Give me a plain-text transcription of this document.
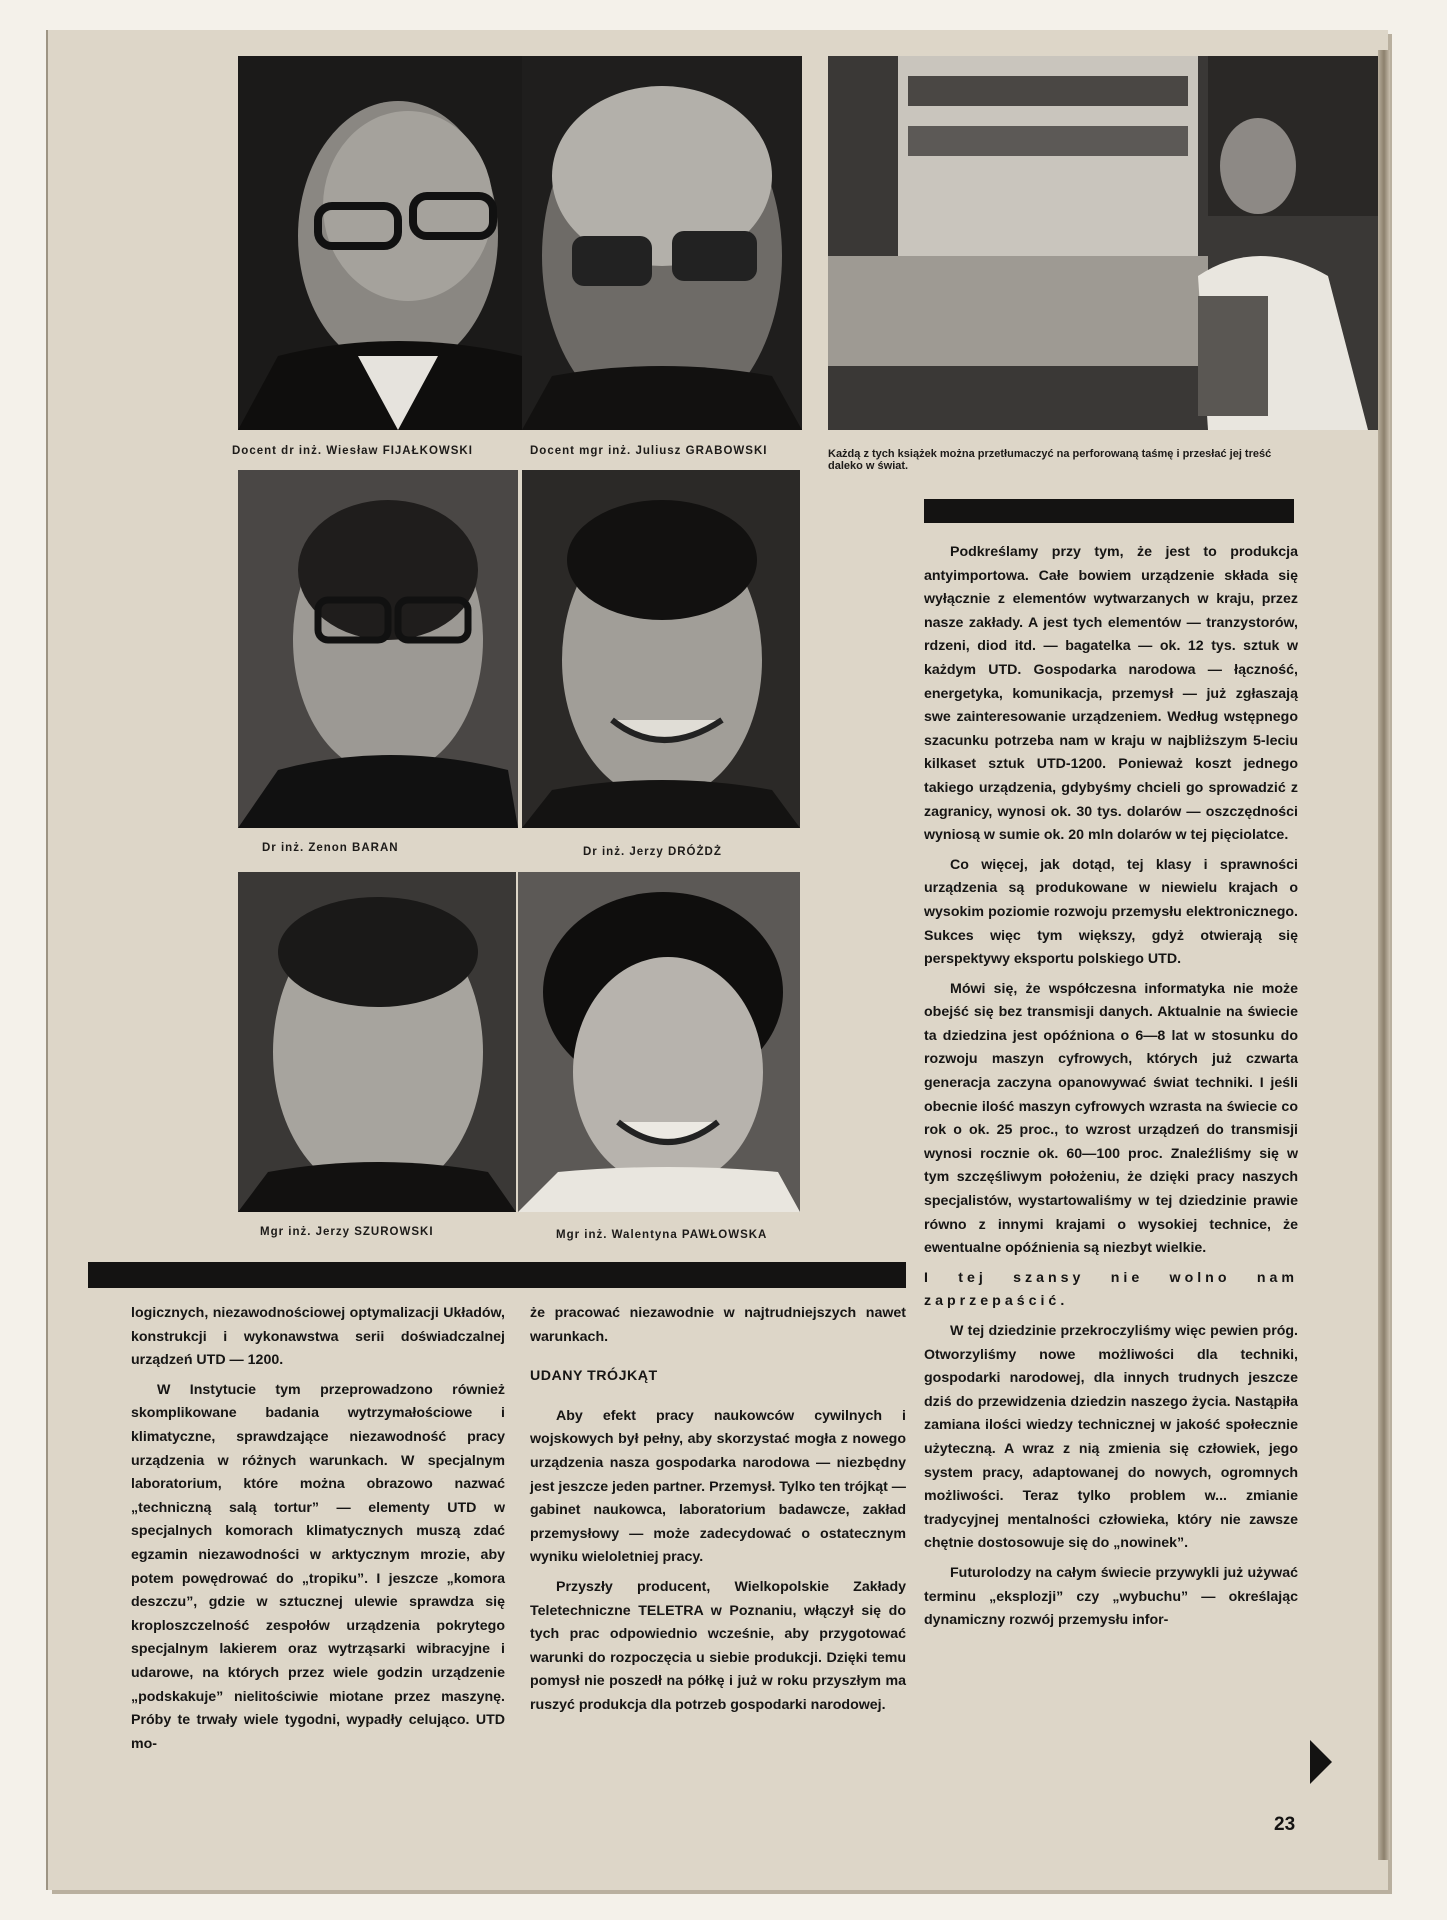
Docent dr inż. Wiesław FIJAŁKOWSKI	Docent mgr inż. Juliusz GRABOWSKI	Każdą z tych książek można przetłumaczyć na perforowaną taśmę i przesłać jej treść daleko w świat.
Dr inż. Zenon BARAN	Dr inż. Jerzy DRÓŻDŻ
Mgr inż. Jerzy SZUROWSKI	Mgr inż. Walentyna PAWŁOWSKA

Podkreślamy przy tym, że jest to produkcja antyimportowa. Całe bowiem urządzenie składa się wyłącznie z elementów wytwarzanych w kraju, przez nasze zakłady. A jest tych elementów — tranzystorów, rdzeni, diod itd. — bagatelka — ok. 12 tys. sztuk w każdym UTD. Gospodarka narodowa — łączność, energetyka, komunikacja, przemysł — już zgłaszają swe zainteresowanie urządzeniem. Według wstępnego szacunku potrzeba nam w kraju w najbliższym 5-leciu kilkaset sztuk UTD-1200. Ponieważ koszt jednego takiego urządzenia, gdybyśmy chcieli go sprowadzić z zagranicy, wynosi ok. 30 tys. dolarów — oszczędności wyniosą w sumie ok. 20 mln dolarów w tej pięciolatce.

Co więcej, jak dotąd, tej klasy i sprawności urządzenia są produkowane w niewielu krajach o wysokim poziomie rozwoju przemysłu elektronicznego. Sukces więc tym większy, gdyż otwierają się perspektywy eksportu polskiego UTD.

Mówi się, że współczesna informatyka nie może obejść się bez transmisji danych. Aktualnie na świecie ta dziedzina jest opóźniona o 6—8 lat w stosunku do rozwoju maszyn cyfrowych, których już czwarta generacja zaczyna opanowywać świat techniki. I jeśli obecnie ilość maszyn cyfrowych wzrasta na świecie co rok o ok. 25 proc., to wzrost urządzeń do transmisji wynosi rocznie ok. 60—100 proc. Znaleźliśmy się w tym szczęśliwym położeniu, że dzięki pracy naszych specjalistów, wystartowaliśmy w tej dziedzinie prawie równo z innymi krajami o wysokiej technice, że ewentualne opóźnienia są niezbyt wielkie.

I tej szansy nie wolno nam zaprzepaścić.

W tej dziedzinie przekroczyliśmy więc pewien próg. Otworzyliśmy nowe możliwości dla techniki, gospodarki narodowej, dla innych trudnych jeszcze dziś do przewidzenia dziedzin naszego życia. Nastąpiła zamiana ilości wiedzy technicznej w jakość społecznie użyteczną. A wraz z nią zmienia się człowiek, jego system pracy, adaptowanej do nowych, ogromnych możliwości. Teraz tylko problem w... zmianie tradycyjnej mentalności człowieka, który nie zawsze chętnie dostosowuje się do „nowinek”.

Futurolodzy na całym świecie przywykli już używać terminu „eksplozji” czy „wybuchu” — określając dynamiczny rozwój przemysłu infor-

logicznych, niezawodnościowej optymalizacji Układów, konstrukcji i wykonawstwa serii doświadczalnej urządzeń UTD — 1200.

W Instytucie tym przeprowadzono również skomplikowane badania wytrzymałościowe i klimatyczne, sprawdzające niezawodność pracy urządzenia w różnych warunkach. W specjalnym laboratorium, które można obrazowo nazwać „techniczną salą tortur” — elementy UTD w specjalnych komorach klimatycznych muszą zdać egzamin niezawodności w arktycznym mrozie, aby potem powędrować do „tropiku”. I jeszcze „komora deszczu”, gdzie w sztucznej ulewie sprawdza się kroploszczelność zespołów urządzenia pokrytego specjalnym lakierem oraz wytrząsarki wibracyjne i udarowe, na których przez wiele godzin urządzenie „podskakuje” nielitościwie miotane przez maszynę. Próby te trwały wiele tygodni, wypadły celująco. UTD mo-

że pracować niezawodnie w najtrudniejszych nawet warunkach.

UDANY TRÓJKĄT

Aby efekt pracy naukowców cywilnych i wojskowych był pełny, aby skorzystać mogła z nowego urządzenia nasza gospodarka narodowa — niezbędny jest jeszcze jeden partner. Przemysł. Tylko ten trójkąt — gabinet naukowca, laboratorium badawcze, zakład przemysłowy — może zadecydować o ostatecznym wyniku wieloletniej pracy.

Przyszły producent, Wielkopolskie Zakłady Teletechniczne TELETRA w Poznaniu, włączył się do tych prac odpowiednio wcześnie, aby przygotować warunki do rozpoczęcia u siebie produkcji. Dzięki temu pomysł nie poszedł na półkę i już w roku przyszłym ma ruszyć produkcja dla potrzeb gospodarki narodowej.

23
